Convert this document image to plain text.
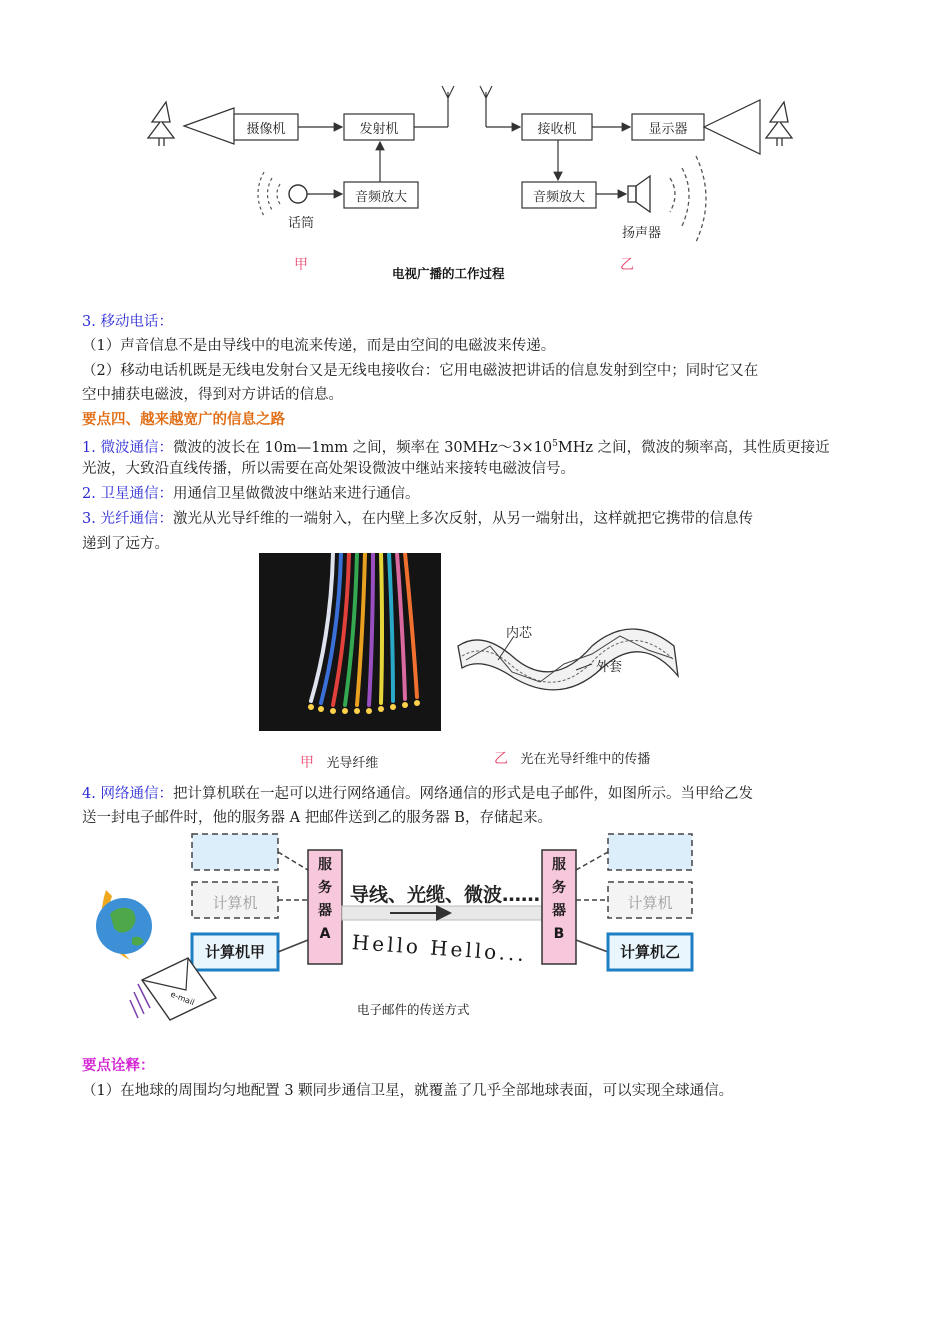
摄像机	发射机
音频放大
接收机	显示器
音频放大
话筒
扬声器
甲	乙
电视广播的工作过程
3. 移动电话：
（1）声音信息不是由导线中的电流来传递，而是由空间的电磁波来传递。
（2）移动电话机既是无线电发射台又是无线电接收台：它用电磁波把讲话的信息发射到空中；同时它又在
空中捕获电磁波，得到对方讲话的信息。
要点四、越来越宽广的信息之路
1. 微波通信：微波的波长在 10m—1mm 之间，频率在 $30MHz\sim 3\times 10^5MHz$ 之间，微波的频率高，其性质更接近
光波，大致沿直线传播，所以需要在高处架设微波中继站来接转电磁波信号。
2. 卫星通信：用通信卫星做微波中继站来进行通信。
3. 光纤通信：激光从光导纤维的一端射入，在内壁上多次反射，从另一端射出，这样就把它携带的信息传
递到了远方。
内芯
外套
甲 光导纤维	乙 光在光导纤维中的传播
4. 网络通信：把计算机联在一起可以进行网络通信。网络通信的形式是电子邮件，如图所示。当甲给乙发
送一封电子邮件时，他的服务器 A 把邮件送到乙的服务器 B，存储起来。
计算机	计算机
计算机甲	计算机乙
服
务
器
A
服
务
器
B
导线、光缆、微波……
Hello Hello...
e-mail
电子邮件的传送方式
要点诠释：
（1）在地球的周围均匀地配置 3 颗同步通信卫星，就覆盖了几乎全部地球表面，可以实现全球通信。
